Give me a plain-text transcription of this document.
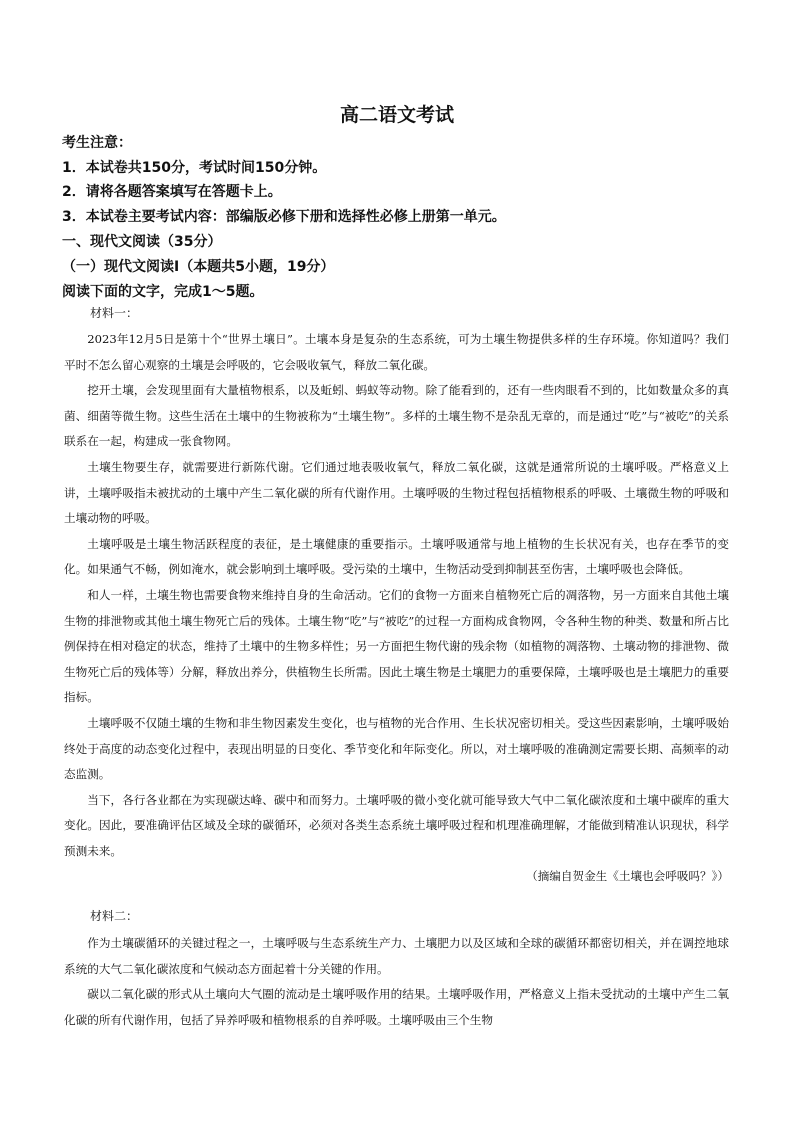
高二语文考试
考生注意：
1．本试卷共150分，考试时间150分钟。
2．请将各题答案填写在答题卡上。
3．本试卷主要考试内容：部编版必修下册和选择性必修上册第一单元。
一、现代文阅读（35分）
（一）现代文阅读Ⅰ（本题共5小题，19分）
阅读下面的文字，完成1～5题。
材料一：

2023年12月5日是第十个“世界土壤日”。土壤本身是复杂的生态系统，可为土壤生物提供多样的生存环境。你知道吗？我们平时不怎么留心观察的土壤是会呼吸的，它会吸收氧气，释放二氧化碳。

挖开土壤，会发现里面有大量植物根系，以及蚯蚓、蚂蚁等动物。除了能看到的，还有一些肉眼看不到的，比如数量众多的真菌、细菌等微生物。这些生活在土壤中的生物被称为“土壤生物”。多样的土壤生物不是杂乱无章的，而是通过“吃”与“被吃”的关系联系在一起，构建成一张食物网。

土壤生物要生存，就需要进行新陈代谢。它们通过地表吸收氧气，释放二氧化碳，这就是通常所说的土壤呼吸。严格意义上讲，土壤呼吸指未被扰动的土壤中产生二氧化碳的所有代谢作用。土壤呼吸的生物过程包括植物根系的呼吸、土壤微生物的呼吸和土壤动物的呼吸。

土壤呼吸是土壤生物活跃程度的表征，是土壤健康的重要指示。土壤呼吸通常与地上植物的生长状况有关，也存在季节的变化。如果通气不畅，例如淹水，就会影响到土壤呼吸。受污染的土壤中，生物活动受到抑制甚至伤害，土壤呼吸也会降低。

和人一样，土壤生物也需要食物来维持自身的生命活动。它们的食物一方面来自植物死亡后的凋落物，另一方面来自其他土壤生物的排泄物或其他土壤生物死亡后的残体。土壤生物“吃”与“被吃”的过程一方面构成食物网，令各种生物的种类、数量和所占比例保持在相对稳定的状态，维持了土壤中的生物多样性；另一方面把生物代谢的残余物（如植物的凋落物、土壤动物的排泄物、微生物死亡后的残体等）分解，释放出养分，供植物生长所需。因此土壤生物是土壤肥力的重要保障，土壤呼吸也是土壤肥力的重要指标。

土壤呼吸不仅随土壤的生物和非生物因素发生变化，也与植物的光合作用、生长状况密切相关。受这些因素影响，土壤呼吸始终处于高度的动态变化过程中，表现出明显的日变化、季节变化和年际变化。所以，对土壤呼吸的准确测定需要长期、高频率的动态监测。

当下，各行各业都在为实现碳达峰、碳中和而努力。土壤呼吸的微小变化就可能导致大气中二氧化碳浓度和土壤中碳库的重大变化。因此，要准确评估区域及全球的碳循环，必须对各类生态系统土壤呼吸过程和机理准确理解，才能做到精准认识现状，科学预测未来。

（摘编自贺金生《土壤也会呼吸吗？》）

材料二：

作为土壤碳循环的关键过程之一，土壤呼吸与生态系统生产力、土壤肥力以及区域和全球的碳循环都密切相关，并在调控地球系统的大气二氧化碳浓度和气候动态方面起着十分关键的作用。

碳以二氧化碳的形式从土壤向大气圈的流动是土壤呼吸作用的结果。土壤呼吸作用，严格意义上指未受扰动的土壤中产生二氧化碳的所有代谢作用，包括了异养呼吸和植物根系的自养呼吸。土壤呼吸由三个生物
